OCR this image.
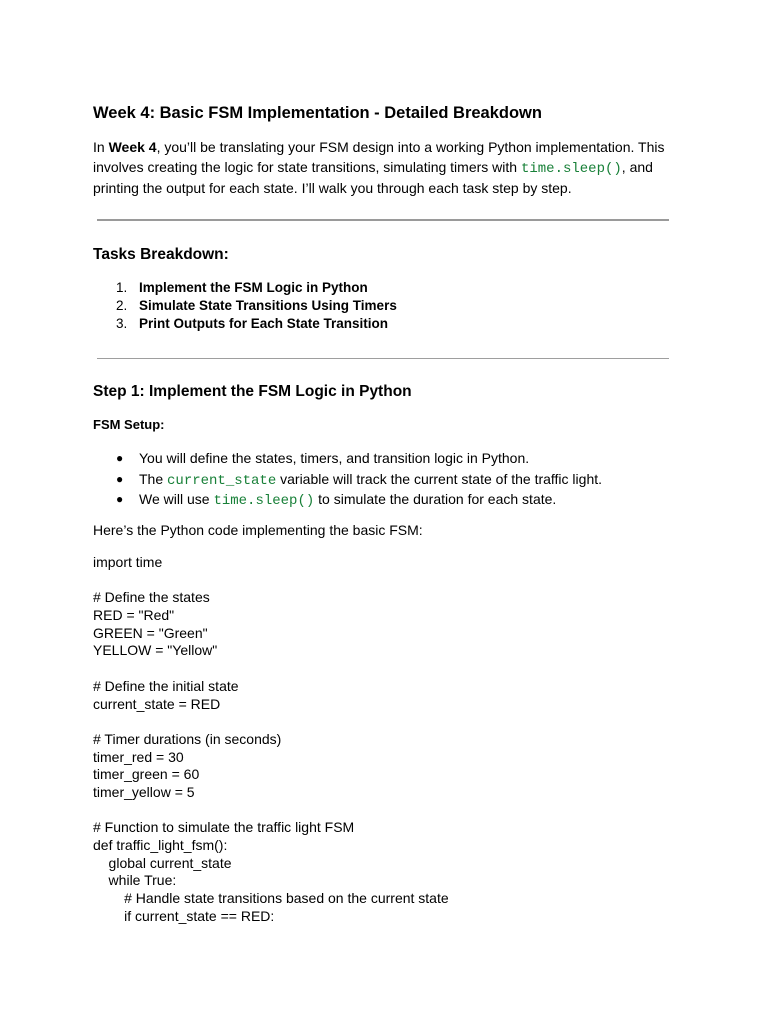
Week 4: Basic FSM Implementation - Detailed Breakdown

In Week 4, you’ll be translating your FSM design into a working Python implementation. This involves creating the logic for state transitions, simulating timers with time.sleep(), and printing the output for each state. I’ll walk you through each task step by step.

Tasks Breakdown:
1. Implement the FSM Logic in Python
2. Simulate State Transitions Using Timers
3. Print Outputs for Each State Transition
Step 1: Implement the FSM Logic in Python

FSM Setup:

● You will define the states, timers, and transition logic in Python.
● The current_state variable will track the current state of the traffic light.
● We will use time.sleep() to simulate the duration for each state.

Here’s the Python code implementing the basic FSM:

import time
# Define the states
RED = "Red"
GREEN = "Green"
YELLOW = "Yellow"
# Define the initial state
current_state = RED
# Timer durations (in seconds)
timer_red = 30
timer_green = 60
timer_yellow = 5
# Function to simulate the traffic light FSM
def traffic_light_fsm():
global current_state
while True:
# Handle state transitions based on the current state
if current_state == RED:
